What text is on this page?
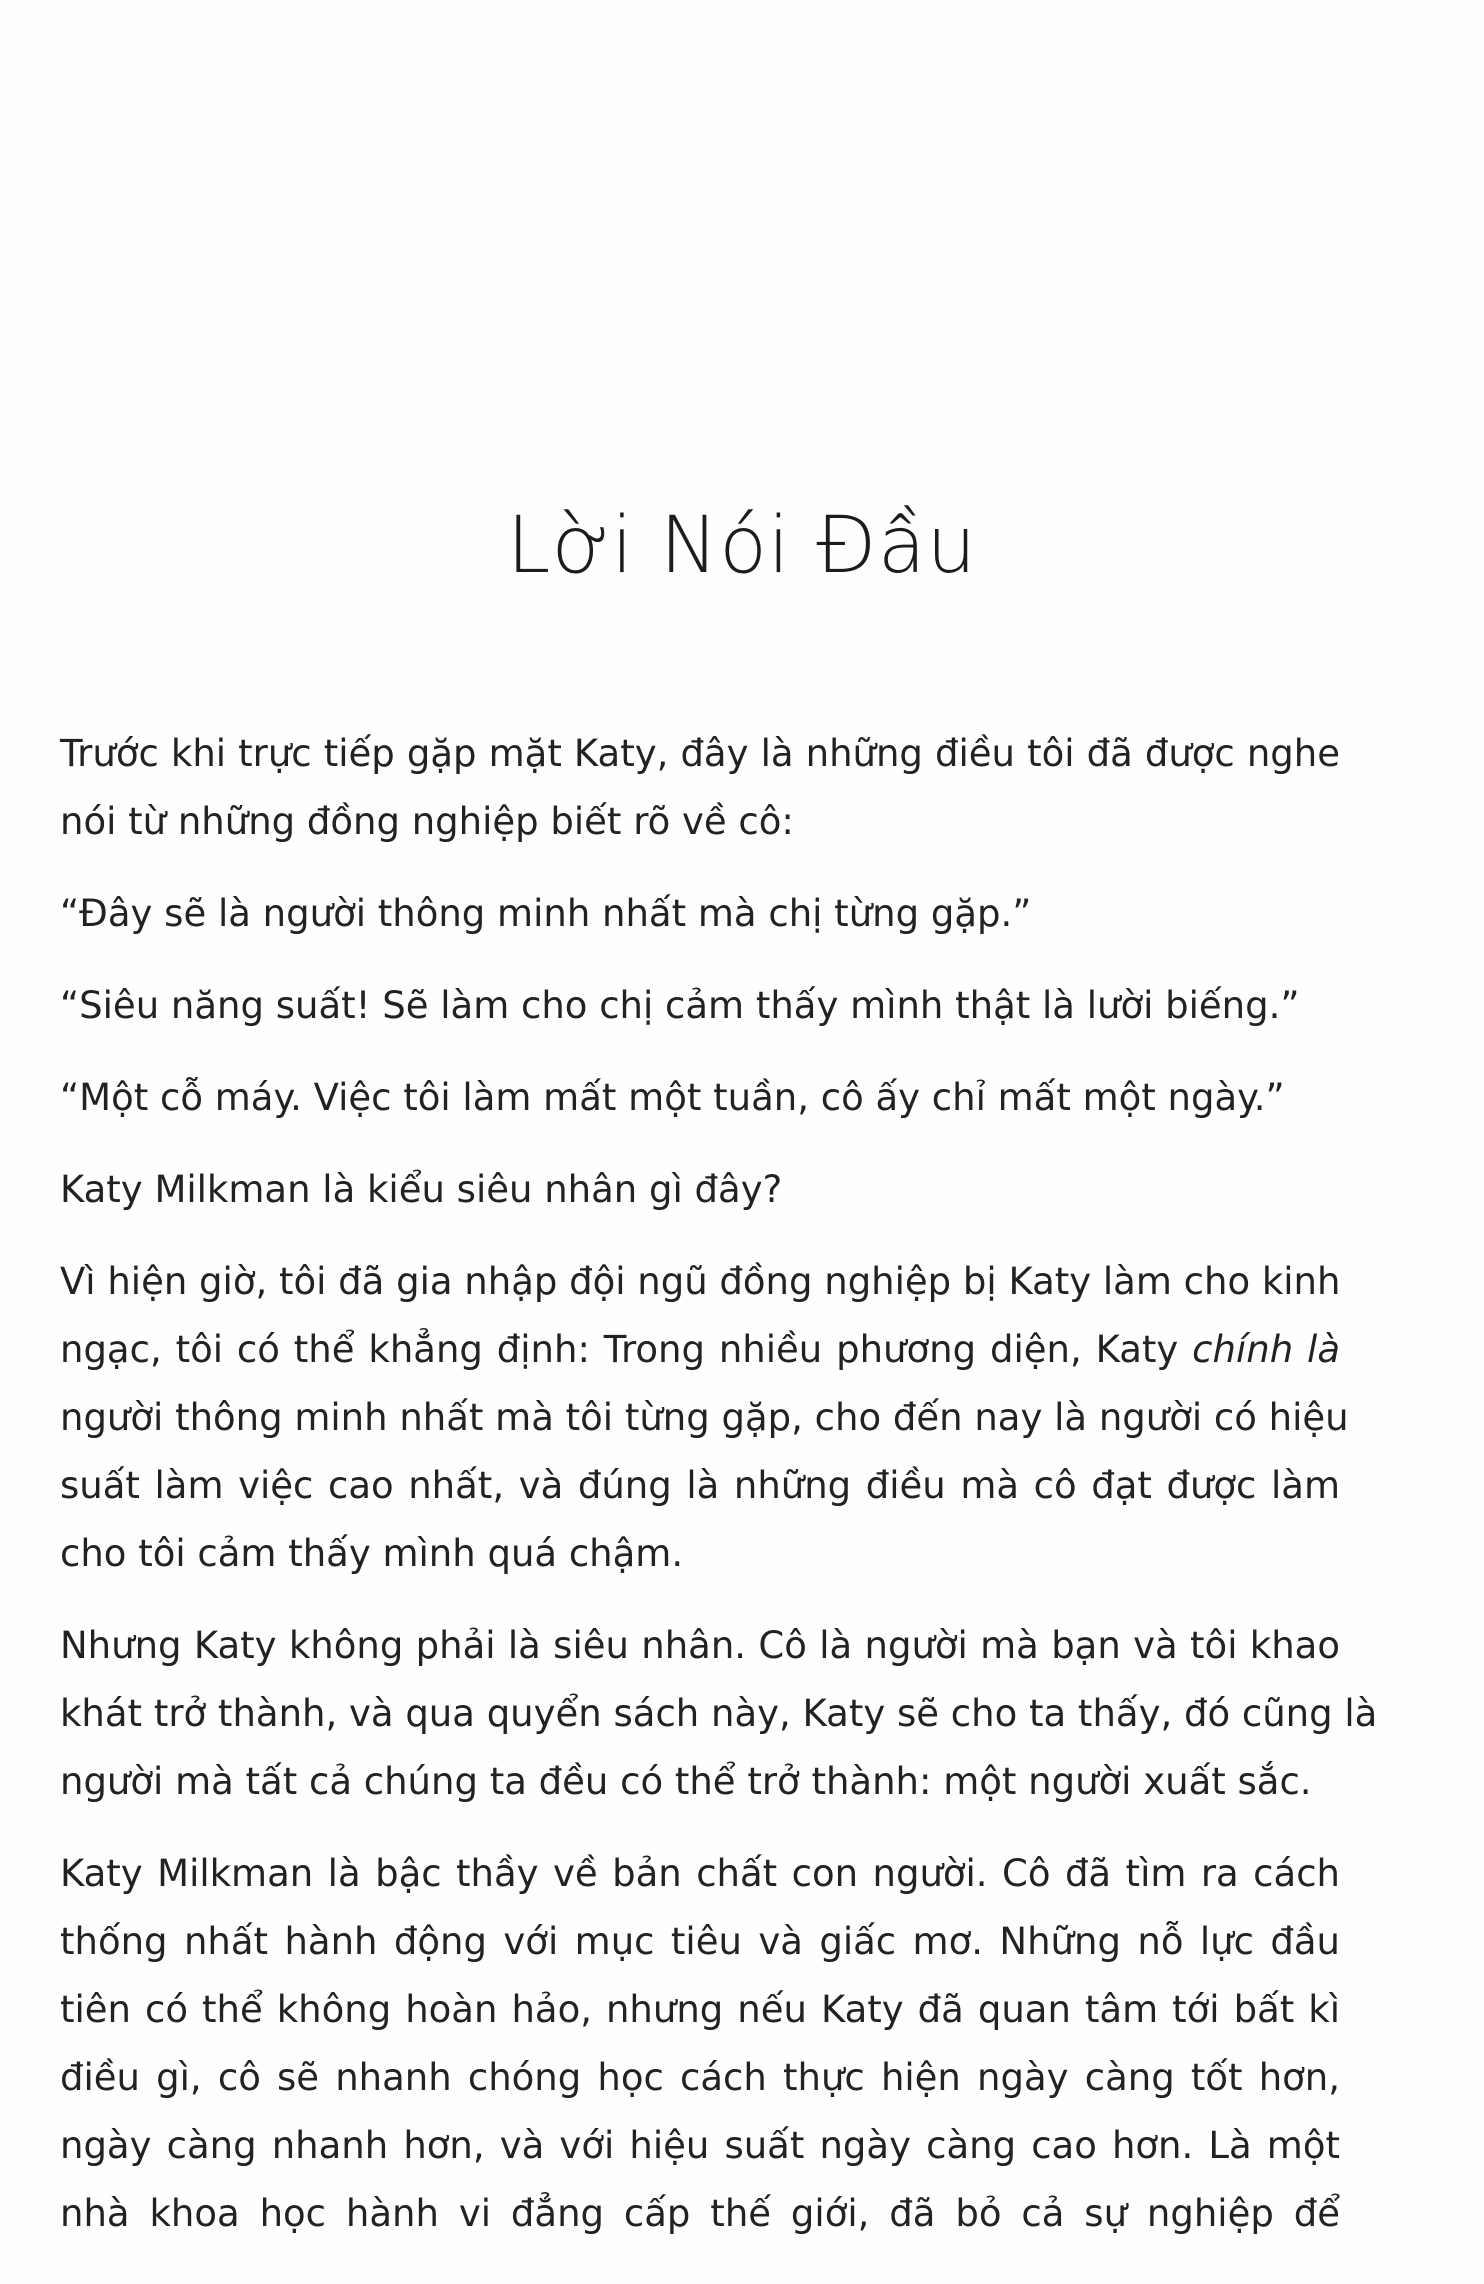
Lời Nói Đầu

Trước khi trực tiếp gặp mặt Katy, đây là những điều tôi đã được nghe
nói từ những đồng nghiệp biết rõ về cô:

“Đây sẽ là người thông minh nhất mà chị từng gặp.”

“Siêu năng suất! Sẽ làm cho chị cảm thấy mình thật là lười biếng.”

“Một cỗ máy. Việc tôi làm mất một tuần, cô ấy chỉ mất một ngày.”

Katy Milkman là kiểu siêu nhân gì đây?

Vì hiện giờ, tôi đã gia nhập đội ngũ đồng nghiệp bị Katy làm cho kinh
ngạc, tôi có thể khẳng định: Trong nhiều phương diện, Katy chính là
người thông minh nhất mà tôi từng gặp, cho đến nay là người có hiệu
suất làm việc cao nhất, và đúng là những điều mà cô đạt được làm
cho tôi cảm thấy mình quá chậm.

Nhưng Katy không phải là siêu nhân. Cô là người mà bạn và tôi khao
khát trở thành, và qua quyển sách này, Katy sẽ cho ta thấy, đó cũng là
người mà tất cả chúng ta đều có thể trở thành: một người xuất sắc.

Katy Milkman là bậc thầy về bản chất con người. Cô đã tìm ra cách
thống nhất hành động với mục tiêu và giấc mơ. Những nỗ lực đầu
tiên có thể không hoàn hảo, nhưng nếu Katy đã quan tâm tới bất kì
điều gì, cô sẽ nhanh chóng học cách thực hiện ngày càng tốt hơn,
ngày càng nhanh hơn, và với hiệu suất ngày càng cao hơn. Là một
nhà khoa học hành vi đẳng cấp thế giới, đã bỏ cả sự nghiệp để
